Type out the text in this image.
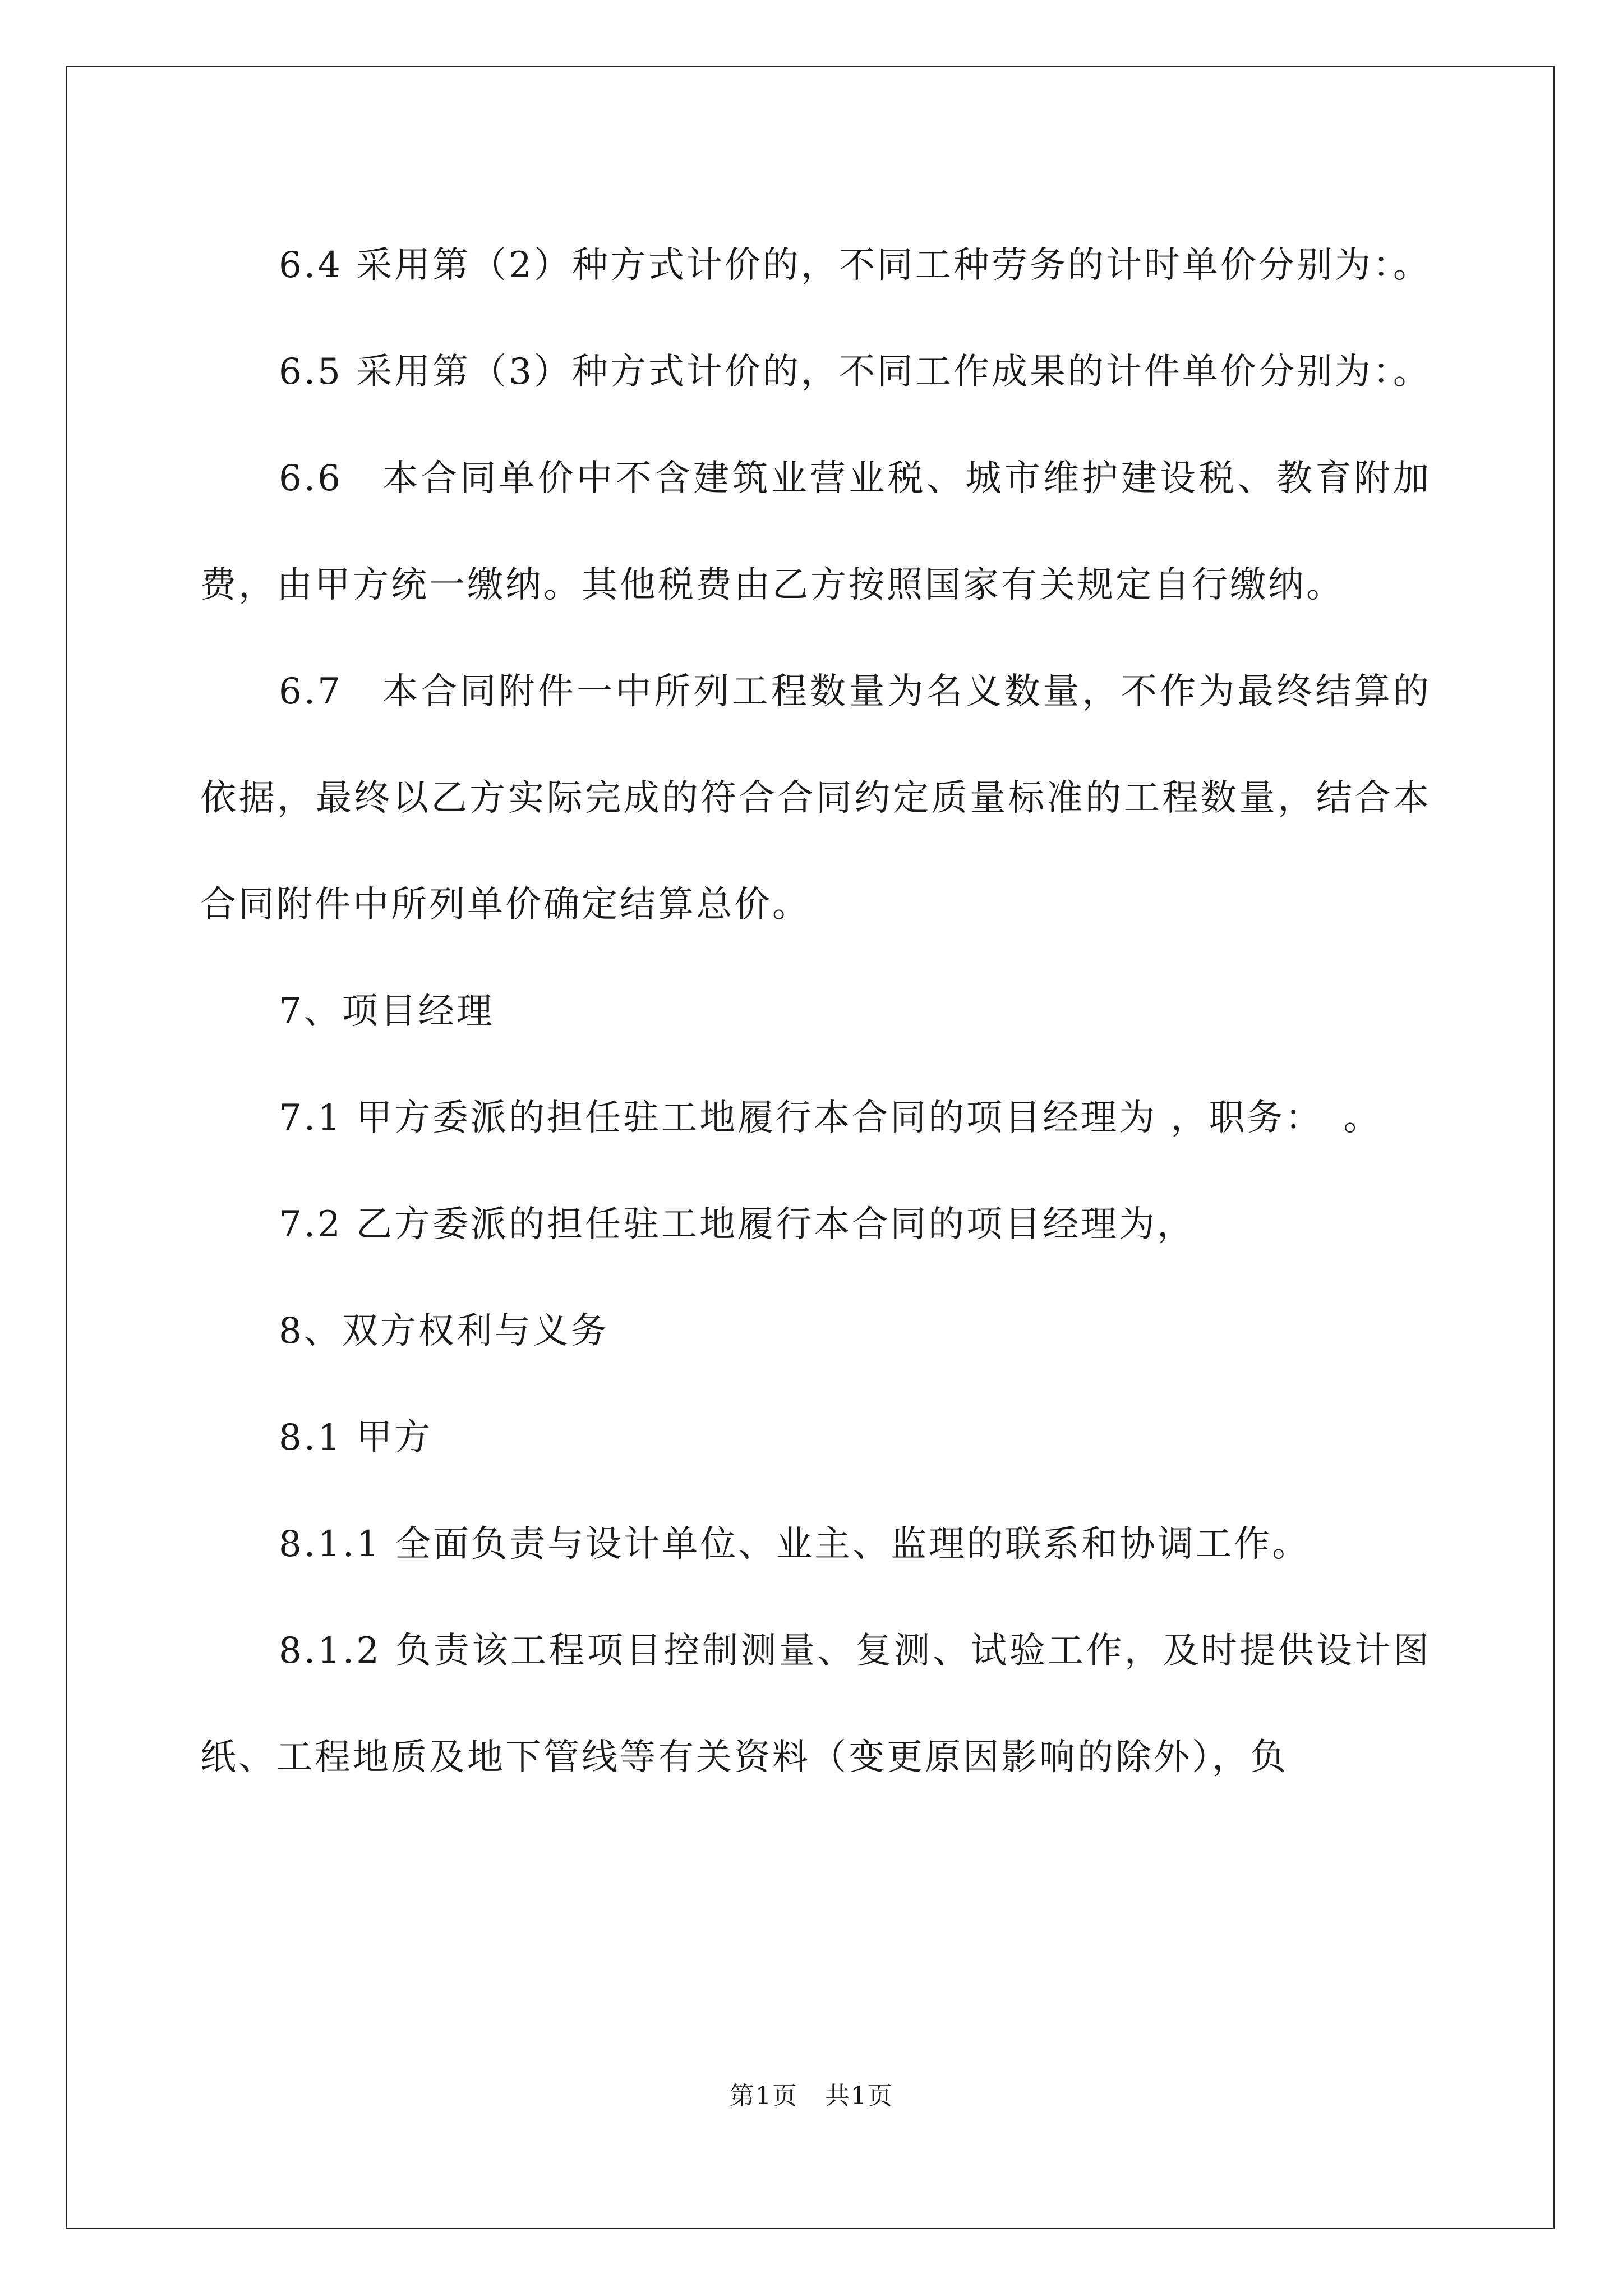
6.4 采用第（2）种方式计价的，不同工种劳务的计时单价分别为：。

6.5 采用第（3）种方式计价的，不同工作成果的计件单价分别为：。

6.6　本合同单价中不含建筑业营业税、城市维护建设税、教育附加费，由甲方统一缴纳。其他税费由乙方按照国家有关规定自行缴纳。

6.7　本合同附件一中所列工程数量为名义数量，不作为最终结算的依据，最终以乙方实际完成的符合合同约定质量标准的工程数量，结合本合同附件中所列单价确定结算总价。

7、项目经理

7.1 甲方委派的担任驻工地履行本合同的项目经理为 ，职务：　。

7.2 乙方委派的担任驻工地履行本合同的项目经理为，

8、双方权利与义务

8.1 甲方

8.1.1 全面负责与设计单位、业主、监理的联系和协调工作。

8.1.2 负责该工程项目控制测量、复测、试验工作，及时提供设计图纸、工程地质及地下管线等有关资料（变更原因影响的除外），负

第1页 共1页
